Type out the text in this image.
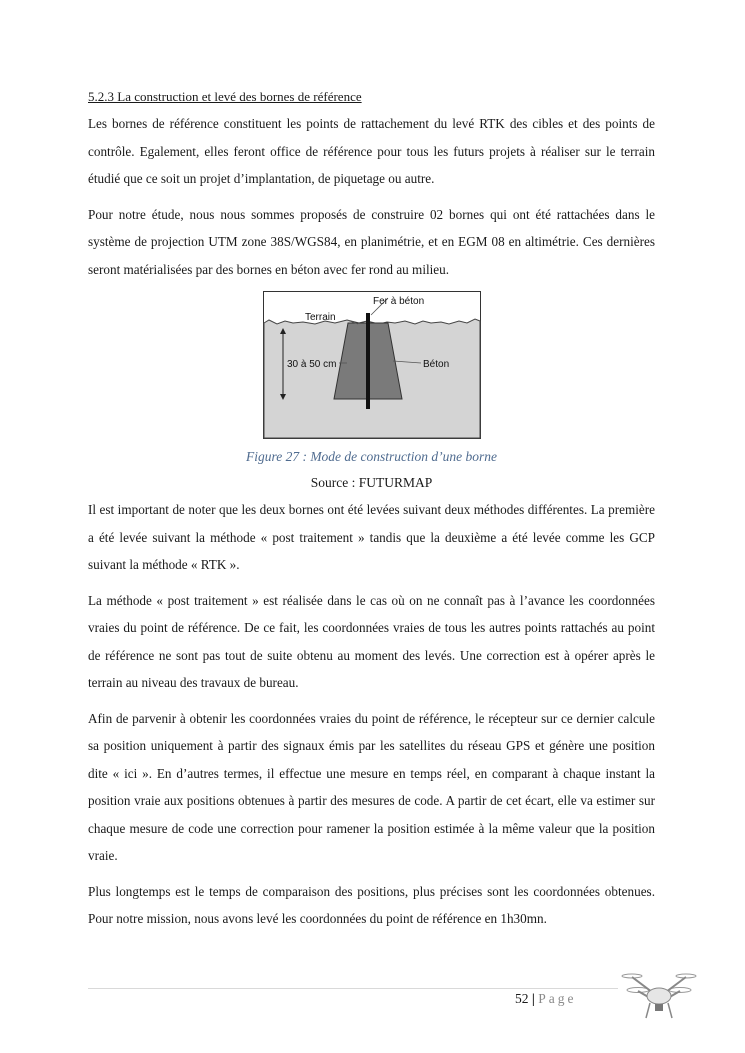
5.2.3 La construction et levé des bornes de référence

Les bornes de référence constituent les points de rattachement du levé RTK des cibles et des points de contrôle. Egalement, elles feront office de référence pour tous les futurs projets à réaliser sur le terrain étudié que ce soit un projet d’implantation, de piquetage ou autre.

Pour notre étude, nous nous sommes proposés de construire 02 bornes qui ont été rattachées dans le système de projection UTM zone 38S/WGS84, en planimétrie, et en EGM 08 en altimétrie. Ces dernières seront matérialisées par des bornes en béton avec fer rond au milieu.

Fer à béton
Terrain
30 à 50 cm	Béton
Figure 27 : Mode de construction d’une borne
Source : FUTURMAP

Il est important de noter que les deux bornes ont été levées suivant deux méthodes différentes. La première a été levée suivant la méthode « post traitement » tandis que la deuxième a été levée comme les GCP suivant la méthode « RTK ».

La méthode « post traitement » est réalisée dans le cas où on ne connaît pas à l’avance les coordonnées vraies du point de référence. De ce fait, les coordonnées vraies de tous les autres points rattachés au point de référence ne sont pas tout de suite obtenu au moment des levés. Une correction est à opérer après le terrain au niveau des travaux de bureau.

Afin de parvenir à obtenir les coordonnées vraies du point de référence, le récepteur sur ce dernier calcule sa position uniquement à partir des signaux émis par les satellites du réseau GPS et génère une position dite « ici ». En d’autres termes, il effectue une mesure en temps réel, en comparant à chaque instant la position vraie aux positions obtenues à partir des mesures de code. A partir de cet écart, elle va estimer sur chaque mesure de code une correction pour ramener la position estimée à la même valeur que la position vraie.

Plus longtemps est le temps de comparaison des positions, plus précises sont les coordonnées obtenues. Pour notre mission, nous avons levé les coordonnées du point de référence en 1h30mn.

52 | Page
